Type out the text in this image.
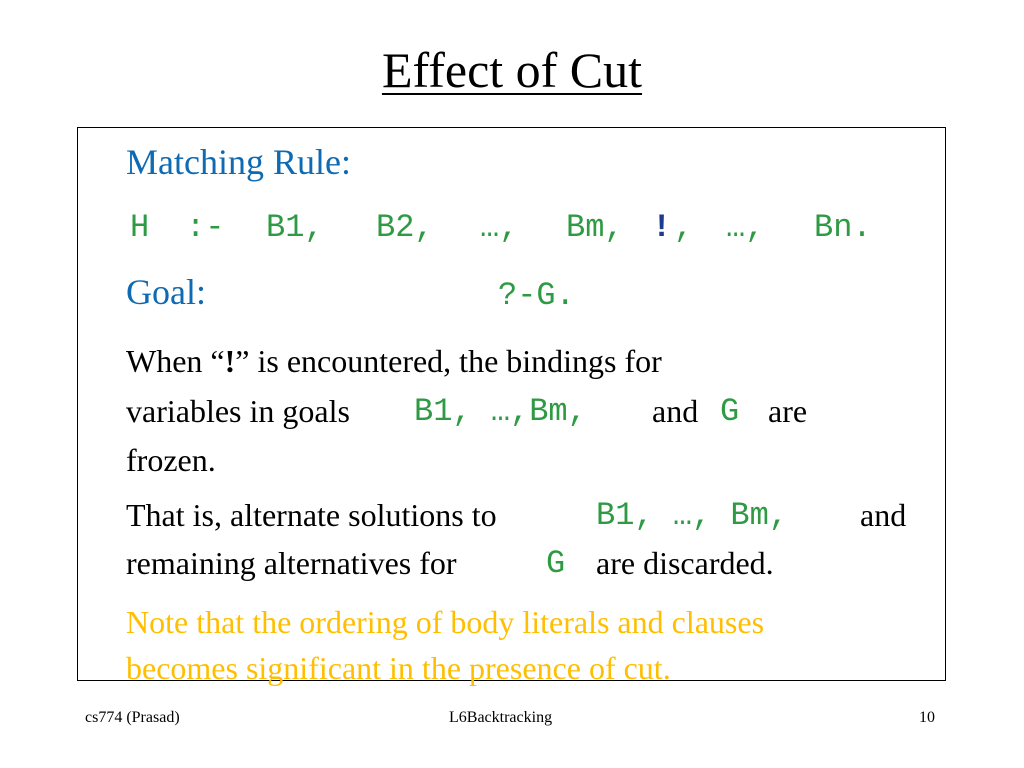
Effect of Cut
Matching Rule:
H :- B1, B2, …, Bm, ! , …, Bn.
Goal:	?-G.
When “!” is encountered, the bindings for
variables in goals B1, …,Bm, and G are
frozen.
That is, alternate solutions to	B1, …, Bm, and
remaining alternatives for	G are discarded.
Note that the ordering of body literals and clauses
becomes significant in the presence of cut.
cs774 (Prasad)	L6Backtracking	10
